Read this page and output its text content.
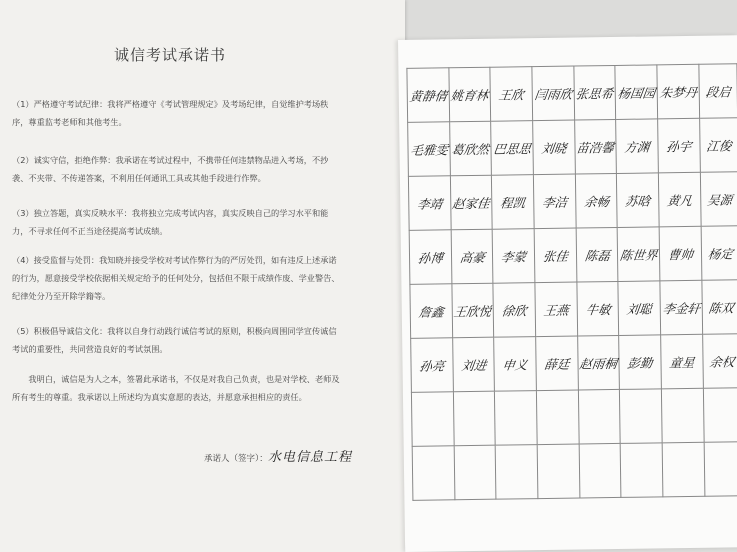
诚信考试承诺书

（1）严格遵守考试纪律：我将严格遵守《考试管理规定》及考场纪律，自觉维护考场秩序，尊重监考老师和其他考生。

（2）诚实守信，拒绝作弊：我承诺在考试过程中，不携带任何违禁物品进入考场，不抄袭、不夹带、不传递答案，不利用任何通讯工具或其他手段进行作弊。

（3）独立答题，真实反映水平：我将独立完成考试内容，真实反映自己的学习水平和能力，不寻求任何不正当途径提高考试成绩。

（4）接受监督与处罚：我知晓并接受学校对考试作弊行为的严厉处罚，如有违反上述承诺的行为，愿意接受学校依据相关规定给予的任何处分，包括但不限于成绩作废、学业警告、纪律处分乃至开除学籍等。

（5）积极倡导诚信文化：我将以自身行动践行诚信考试的原则，积极向周围同学宣传诚信考试的重要性，共同营造良好的考试氛围。

我明白，诚信是为人之本，签署此承诺书，不仅是对我自己负责，也是对学校、老师及所有考生的尊重。我承诺以上所述均为真实意愿的表达，并愿意承担相应的责任。

承诺人（签字）： 水电信息工程
黄静倩	姚育林	王欣	闫雨欣	张思希	杨国园	朱梦丹	段启
毛雅雯	葛欣然	巴思思	刘晓	苗浩馨	方渊	孙宇	江俊
李靖	赵家佳	程凯	李洁	余畅	苏晗	黄凡	吴源
孙博	高豪	李蒙	张佳	陈磊	陈世界	曹帅	杨定
詹鑫	王欣悦	徐欣	王燕	牛敏	刘聪	李金轩	陈双
孙亮	刘进	申义	薛廷	赵雨桐	彭勤	童星	余权
